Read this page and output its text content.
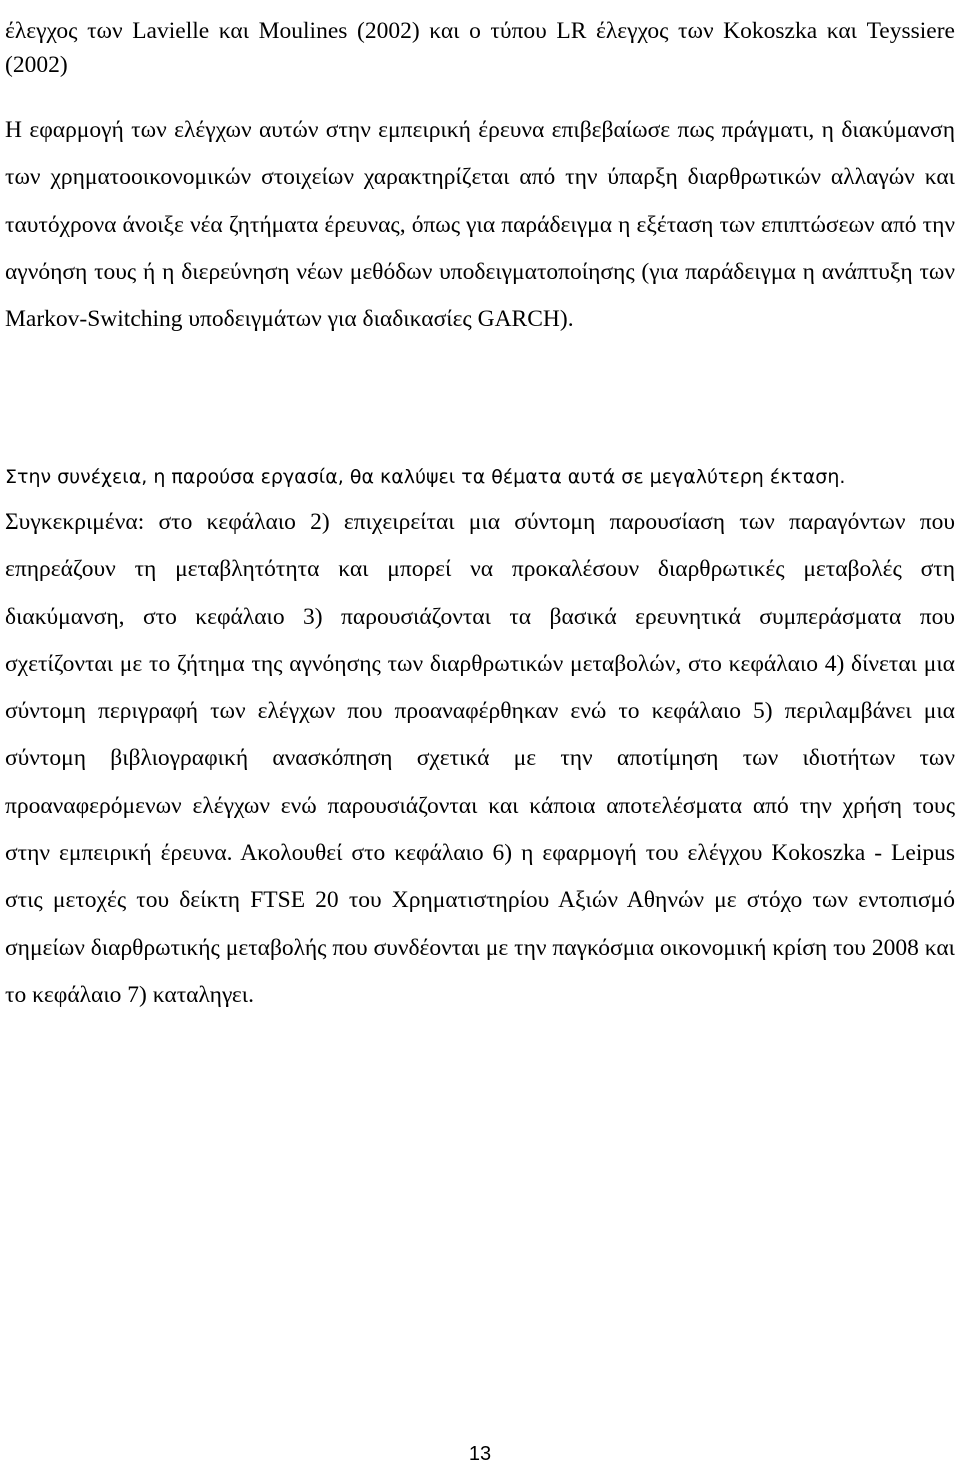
έλεγχος των Lavielle και Moulines (2002) και ο τύπου LR έλεγχος των Kokoszka και Teyssiere (2002)

Η εφαρμογή των ελέγχων αυτών στην εμπειρική έρευνα επιβεβαίωσε πως πράγματι, η διακύμανση των χρηματοοικονομικών στοιχείων χαρακτηρίζεται από την ύπαρξη διαρθρωτικών αλλαγών και ταυτόχρονα άνοιξε νέα ζητήματα έρευνας, όπως για παράδειγμα η εξέταση των επιπτώσεων από την αγνόηση τους ή η διερεύνηση νέων μεθόδων υποδειγματοποίησης (για παράδειγμα η ανάπτυξη των Markov-Switching υποδειγμάτων για διαδικασίες GARCH).

Στην συνέχεια, η παρούσα εργασία, θα καλύψει τα θέματα αυτά σε μεγαλύτερη έκταση.

Συγκεκριμένα: στο κεφάλαιο 2) επιχειρείται μια σύντομη παρουσίαση των παραγόντων που επηρεάζουν τη μεταβλητότητα και μπορεί να προκαλέσουν διαρθρωτικές μεταβολές στη διακύμανση, στο κεφάλαιο 3) παρουσιάζονται τα βασικά ερευνητικά συμπεράσματα που σχετίζονται με το ζήτημα της αγνόησης των διαρθρωτικών μεταβολών, στο κεφάλαιο 4) δίνεται μια σύντομη περιγραφή των ελέγχων που προαναφέρθηκαν ενώ το κεφάλαιο 5) περιλαμβάνει μια σύντομη βιβλιογραφική ανασκόπηση σχετικά με την αποτίμηση των ιδιοτήτων των προαναφερόμενων ελέγχων ενώ παρουσιάζονται και κάποια αποτελέσματα από την χρήση τους στην εμπειρική έρευνα. Ακολουθεί στο κεφάλαιο 6) η εφαρμογή του ελέγχου Kokoszka - Leipus στις μετοχές του δείκτη FTSE 20 του Χρηματιστηρίου Αξιών Αθηνών με στόχο των εντοπισμό σημείων διαρθρωτικής μεταβολής που συνδέονται με την παγκόσμια οικονομική κρίση του 2008 και το κεφάλαιο 7) καταληγει.

13
